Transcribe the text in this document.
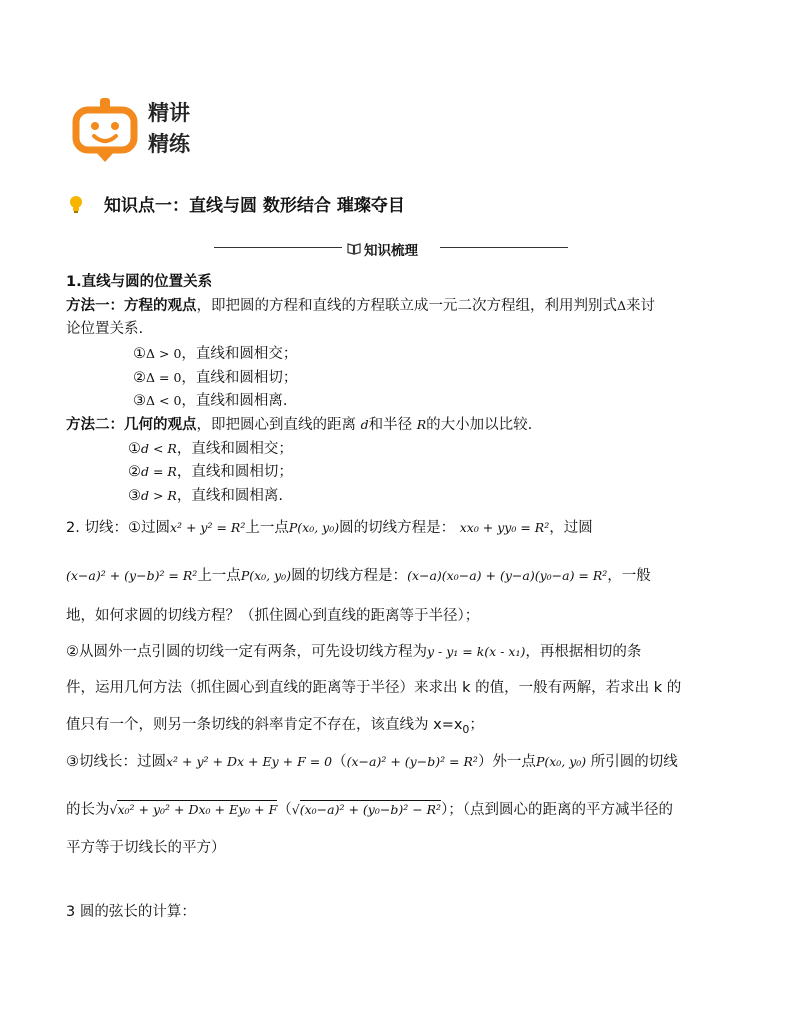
精讲
精练
知识点一：直线与圆 数形结合 璀璨夺目
知识梳理
1.直线与圆的位置关系
方法一：方程的观点，即把圆的方程和直线的方程联立成一元二次方程组，利用判别式Δ来讨
论位置关系.
①Δ > 0，直线和圆相交；
②Δ = 0，直线和圆相切；
③Δ < 0，直线和圆相离.
方法二：几何的观点，即把圆心到直线的距离 d和半径 R的大小加以比较.
①d < R，直线和圆相交；
②d = R，直线和圆相切；
③d > R，直线和圆相离.
2. 切线：①过圆x² + y² = R²上一点P(x₀, y₀)圆的切线方程是： xx₀ + yy₀ = R²，过圆
(x−a)² + (y−b)² = R²上一点P(x₀, y₀)圆的切线方程是：(x−a)(x₀−a) + (y−a)(y₀−a) = R²，一般
地，如何求圆的切线方程？（抓住圆心到直线的距离等于半径）；
②从圆外一点引圆的切线一定有两条，可先设切线方程为y - y₁ = k(x - x₁)，再根据相切的条
件，运用几何方法（抓住圆心到直线的距离等于半径）来求出 k 的值，一般有两解，若求出 k 的
值只有一个，则另一条切线的斜率肯定不存在，该直线为 $x=x_0$；
③切线长：过圆x² + y² + Dx + Ey + F = 0（(x−a)² + (y−b)² = R²）外一点P(x₀, y₀) 所引圆的切线
的长为√x₀² + y₀² + Dx₀ + Ey₀ + F（√(x₀−a)² + (y₀−b)² − R²）；（点到圆心的距离的平方减半径的
平方等于切线长的平方）
3 圆的弦长的计算：
